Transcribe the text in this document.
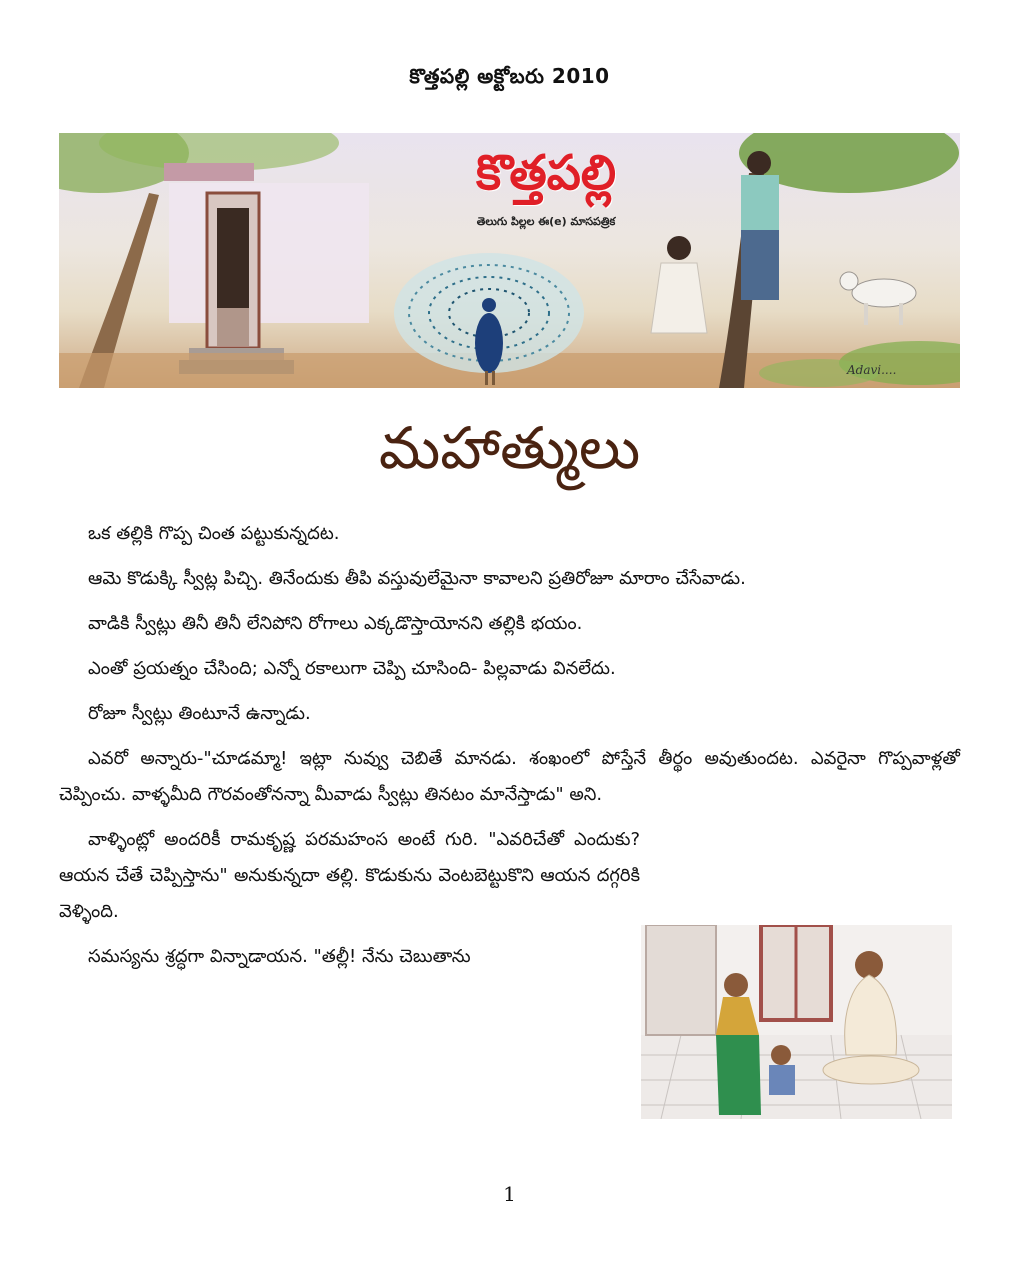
కొత్తపల్లి అక్టోబరు 2010
కొత్తపల్లి
తెలుగు పిల్లల ఈ(e) మాసపత్రిక
Adavi....
మహాత్ములు

ఒక తల్లికి గొప్ప చింత పట్టుకున్నదట.

ఆమె కొడుక్కి స్వీట్ల పిచ్చి. తినేందుకు తీపి వస్తువులేమైనా కావాలని ప్రతిరోజూ మారాం చేసేవాడు.

వాడికి స్వీట్లు తినీ తినీ లేనిపోని రోగాలు ఎక్కడొస్తాయోనని తల్లికి భయం.

ఎంతో ప్రయత్నం చేసింది; ఎన్నో రకాలుగా చెప్పి చూసింది- పిల్లవాడు వినలేదు.

రోజూ స్వీట్లు తింటూనే ఉన్నాడు.

ఎవరో అన్నారు-"చూడమ్మా! ఇట్లా నువ్వు చెబితే మానడు. శంఖంలో పోస్తేనే తీర్థం అవుతుందట. ఎవరైనా గొప్పవాళ్లతో చెప్పించు. వాళ్ళమీది గౌరవంతోనన్నా మీవాడు స్వీట్లు తినటం మానేస్తాడు" అని.

వాళ్ళింట్లో అందరికీ రామకృష్ణ పరమహంస అంటే గురి. "ఎవరిచేతో ఎందుకు? ఆయన చేతే చెప్పిస్తాను" అనుకున్నదా తల్లి. కొడుకును వెంటబెట్టుకొని ఆయన దగ్గరికి వెళ్ళింది.

సమస్యను శ్రద్ధగా విన్నాడాయన. "తల్లీ! నేను చెబుతాను

1
